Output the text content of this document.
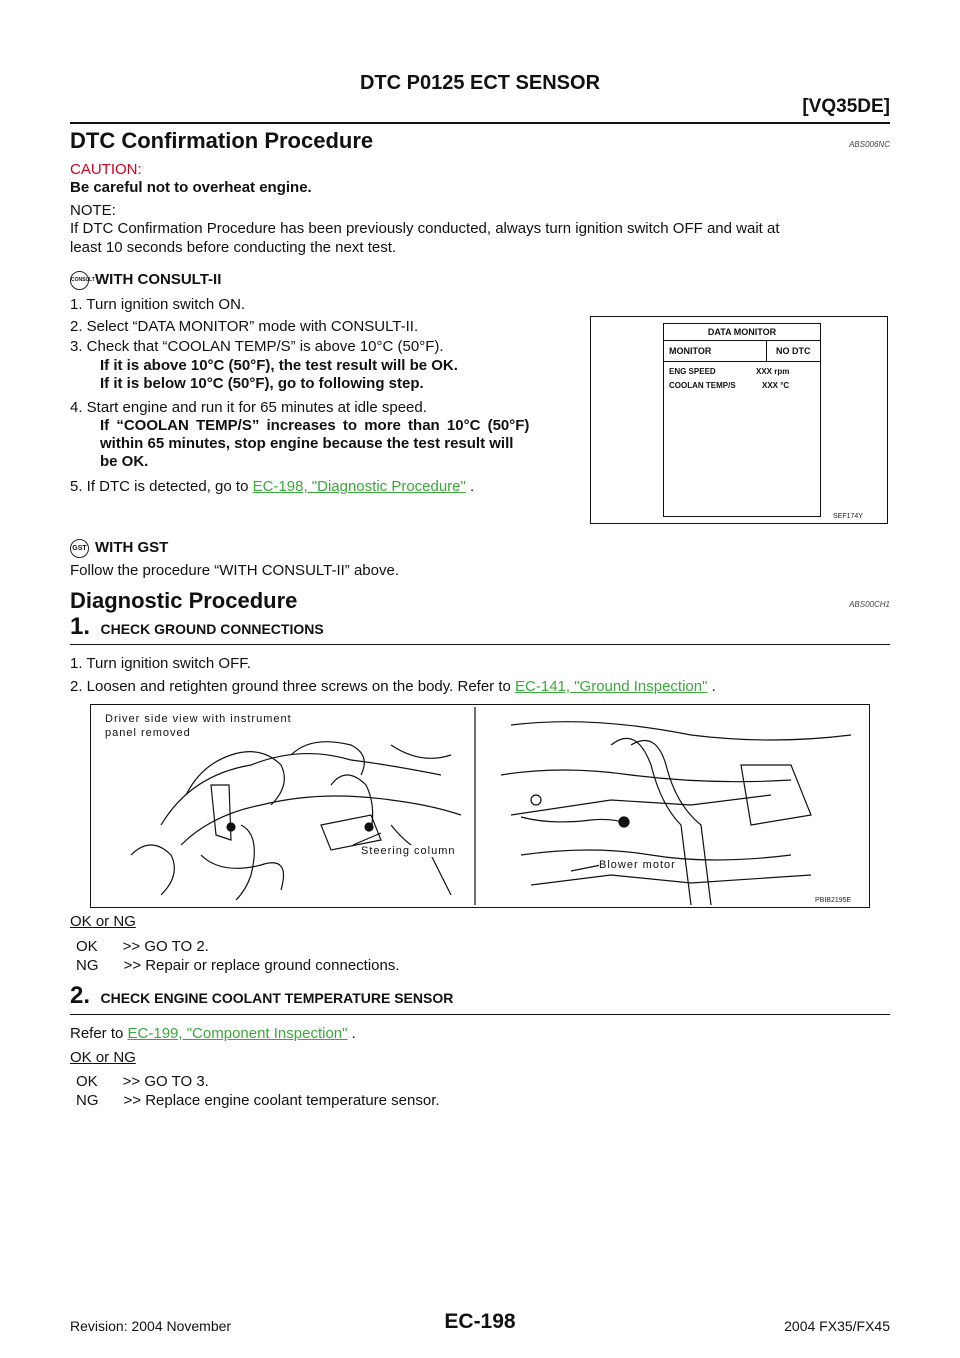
DTC P0125 ECT SENSOR
[VQ35DE]
DTC Confirmation Procedure	ABS006NC
CAUTION:
Be careful not to overheat engine.
NOTE:
If DTC Confirmation Procedure has been previously conducted, always turn ignition switch OFF and wait at
least 10 seconds before conducting the next test.
CONSULTWITH CONSULT-II
1. Turn ignition switch ON.
2. Select “DATA MONITOR” mode with CONSULT-II.
3. Check that “COOLAN TEMP/S” is above 10°C (50°F).
If it is above 10°C (50°F), the test result will be OK.
If it is below 10°C (50°F), go to following step.
4. Start engine and run it for 65 minutes at idle speed.
If “COOLAN TEMP/S” increases to more than 10°C (50°F)
within 65 minutes, stop engine because the test result will
be OK.
5. If DTC is detected, go to EC-198, "Diagnostic Procedure" .
DATA MONITOR
MONITOR	NO DTC
ENG SPEED	XXX rpm
COOLAN TEMP/S	XXX °C
SEF174Y
GST WITH GST
Follow the procedure “WITH CONSULT-II” above.
Diagnostic Procedure	ABS00CH1
1. CHECK GROUND CONNECTIONS
1. Turn ignition switch OFF.
2. Loosen and retighten ground three screws on the body. Refer to EC-141, "Ground Inspection" .
Driver side view with instrument
panel removed
Steering column
Blower motor
PBIB2195E
OK or NG
OK      >> GO TO 2.
NG      >> Repair or replace ground connections.
2. CHECK ENGINE COOLANT TEMPERATURE SENSOR
Refer to EC-199, "Component Inspection" .
OK or NG
OK      >> GO TO 3.
NG      >> Replace engine coolant temperature sensor.
Revision: 2004 November	EC-198	2004 FX35/FX45
